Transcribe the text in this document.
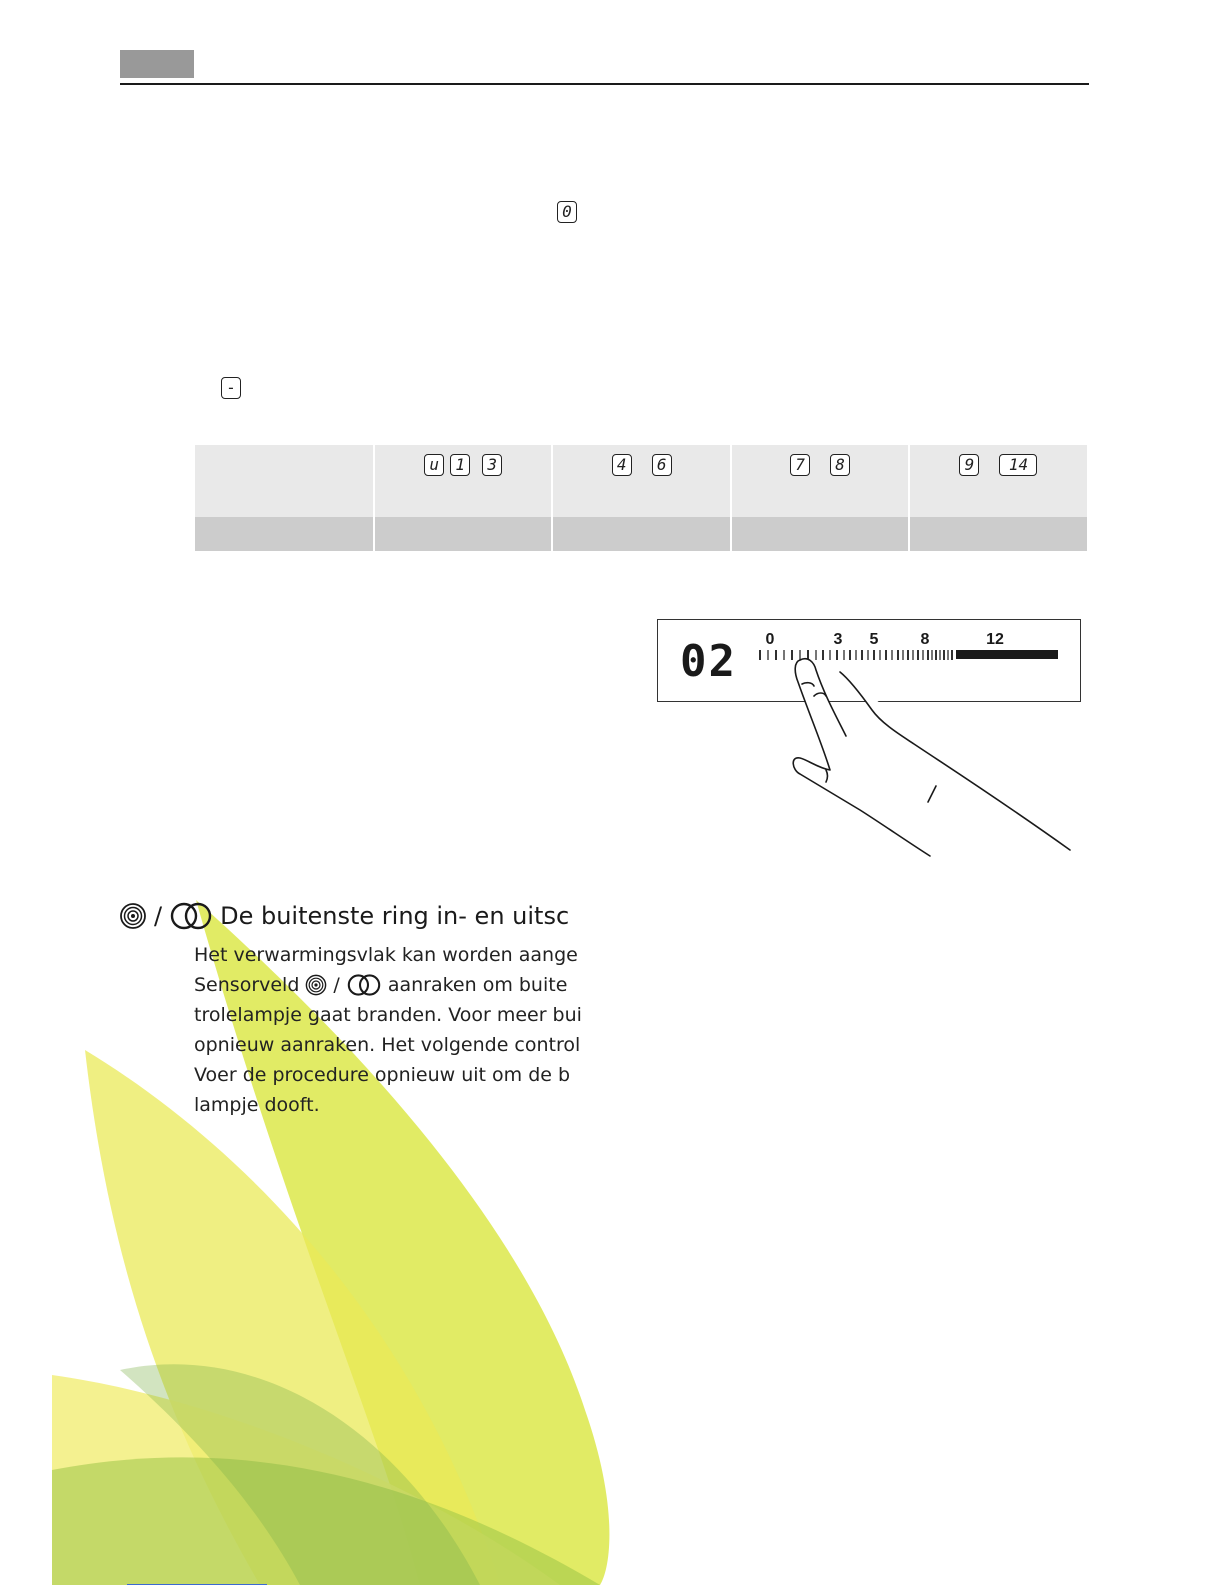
0
-

u 1 3	4 6	7 8	9 14

02 0	3 5	8	12
/ De buitenste ring in- en uitsc
Het verwarmingsvlak kan worden aange
Sensorveld /	aanraken om buite
trolelampje gaat branden. Voor meer bui
opnieuw aanraken. Het volgende control
Voer de procedure opnieuw uit om de b
lampje dooft.
